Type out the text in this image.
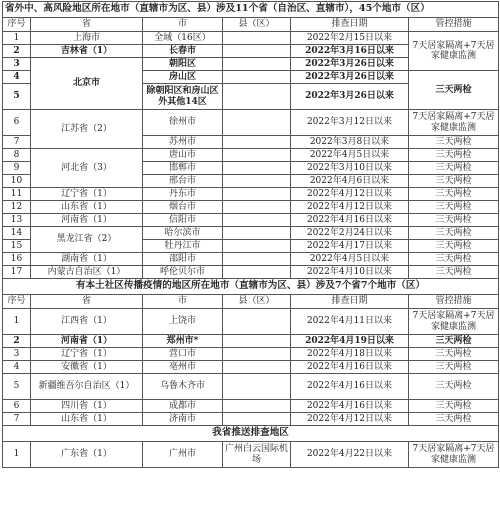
省外中、高风险地区所在地市（直辖市为区、县）涉及11个省（自治区、直辖市），45个地市（区）					
序号	省	市	县（区）	排查日期	管控措施
1	上海市	全域（16区）		2022年2月15日以来	7天居家隔离+7天居家健康监测
2	吉林省（1）	长春市		2022年3月16日以来	
3	北京市	朝阳区		2022年3月26日以来	
4		房山区		2022年3月26日以来	三天两检
5		除朝阳区和房山区外其他14区		2022年3月26日以来	
6	江苏省（2）	徐州市		2022年3月12日以来	7天居家隔离+7天居家健康监测
7		苏州市		2022年3月8日以来	三天两检
8	河北省（3）	唐山市		2022年4月5日以来	三天两检
9		邯郸市		2022年3月10日以来	三天两检
10		邢台市		2022年4月6日以来	三天两检
11	辽宁省（1）	丹东市		2022年4月12日以来	三天两检
12	山东省（1）	烟台市		2022年4月12日以来	三天两检
13	河南省（1）	信阳市		2022年4月16日以来	三天两检
14	黑龙江省（2）	哈尔滨市		2022年2月24日以来	三天两检
15		牡丹江市		2022年4月17日以来	三天两检
16	湖南省（1）	邵阳市		2022年4月5日以来	三天两检
17	内蒙古自治区（1）	呼伦贝尔市		2022年4月10日以来	三天两检
有本土社区传播疫情的地区所在地市（直辖市为区、县）涉及7个省7个地市（区）					
序号	省	市	县（区）	排查日期	管控措施
1	江西省（1）	上饶市		2022年4月11日以来	7天居家隔离+7天居家健康监测
2	河南省（1）	郑州市*		2022年4月19日以来	三天两检
3	辽宁省（1）	营口市		2022年4月18日以来	三天两检
4	安徽省（1）	亳州市		2022年4月16日以来	三天两检
5	新疆维吾尔自治区（1）	乌鲁木齐市		2022年4月16日以来	三天两检
6	四川省（1）	成都市		2022年4月16日以来	三天两检
7	山东省（1）	济南市		2022年4月12日以来	三天两检
我省推送排查地区					
1	广东省（1）	广州市	广州白云国际机场	2022年4月22日以来	7天居家隔离+7天居家健康监测
